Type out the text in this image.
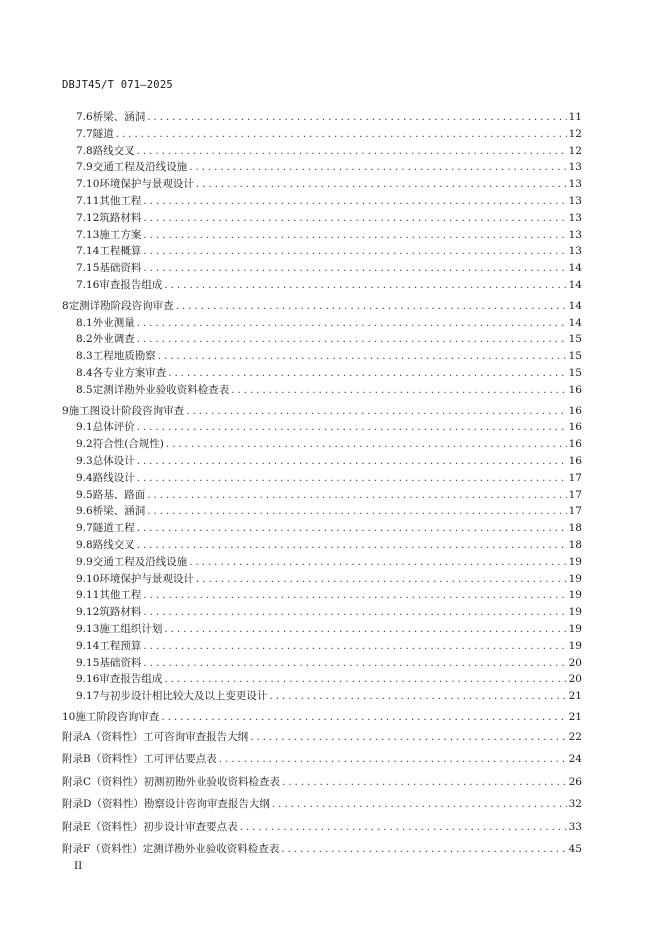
DBJT45/T 071—2025
7.6 桥梁、涵洞 .....	11
7.7 隧道 .....	12
7.8 路线交叉 .....	12
7.9 交通工程及沿线设施 .....	13
7.10 环境保护与景观设计 .....	13
7.11 其他工程 .....	13
7.12 筑路材料 .....	13
7.13 施工方案 .....	13
7.14 工程概算 .....	13
7.15 基础资料 .....	14
7.16 审查报告组成 .....	14
8 定测详勘阶段咨询审查 .....	14
8.1 外业测量 .....	14
8.2 外业调查 .....	15
8.3 工程地质勘察 .....	15
8.4 各专业方案审查 .....	15
8.5 定测详勘外业验收资料检查表 .....	16
9 施工图设计阶段咨询审查 .....	16
9.1 总体评价 .....	16
9.2 符合性(合规性) .....	16
9.3 总体设计 .....	16
9.4 路线设计 .....	17
9.5 路基、路面 .....	17
9.6 桥梁、涵洞 .....	17
9.7 隧道工程 .....	18
9.8 路线交叉 .....	18
9.9 交通工程及沿线设施 .....	19
9.10 环境保护与景观设计 .....	19
9.11 其他工程 .....	19
9.12 筑路材料 .....	19
9.13 施工组织计划 .....	19
9.14 工程预算 .....	19
9.15 基础资料 .....	20
9.16 审查报告组成 .....	20
9.17 与初步设计相比较大及以上变更设计 .....	21
10 施工阶段咨询审查 .....	21
附录A（资料性） 工可咨询审查报告大纲 .....	22
附录B（资料性） 工可评估要点表 .....	24
附录C（资料性） 初测初勘外业验收资料检查表 .....	26
附录D（资料性） 勘察设计咨询审查报告大纲 .....	32
附录E（资料性） 初步设计审查要点表 .....	33
附录F（资料性） 定测详勘外业验收资料检查表 .....	45
II
